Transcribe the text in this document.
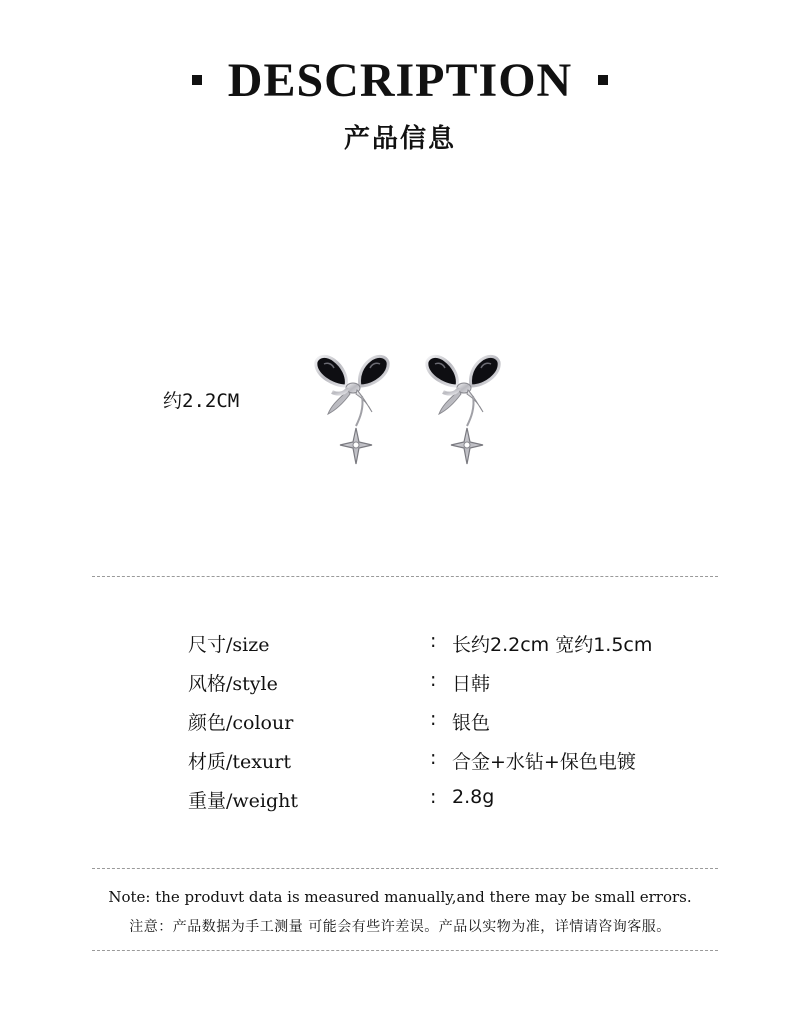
DESCRIPTION
产品信息
约2.2CM
尺寸/size	: 长约2.2cm 宽约1.5cm
风格/style	: 日韩
颜色/colour	: 银色
材质/texurt	: 合金+水钻+保色电镀
重量/weight	: 2.8g
Note: the produvt data is measured manually,and there may be small errors.
注意：产品数据为手工测量 可能会有些许差误。产品以实物为准，详情请咨询客服。
